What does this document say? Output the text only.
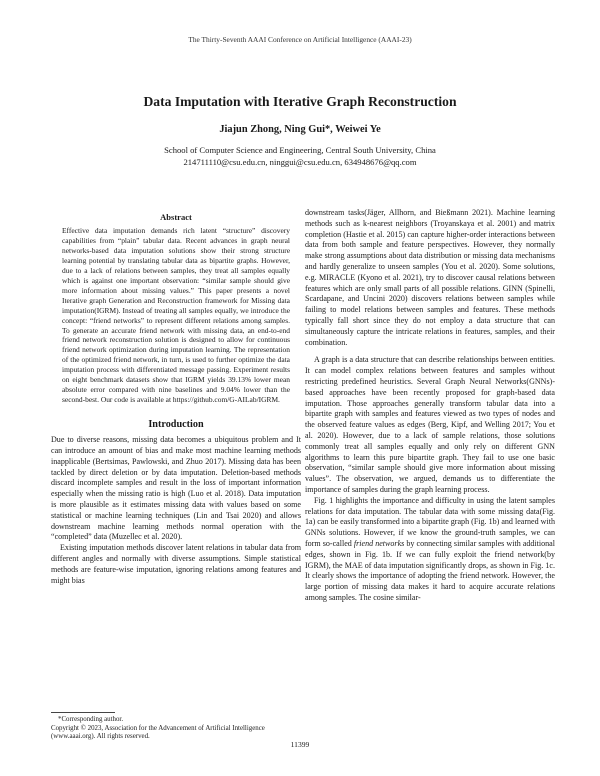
The Thirty-Seventh AAAI Conference on Artificial Intelligence (AAAI-23)
Data Imputation with Iterative Graph Reconstruction
Jiajun Zhong, Ning Gui*, Weiwei Ye
School of Computer Science and Engineering, Central South University, China
214711110@csu.edu.cn, ninggui@csu.edu.cn, 634948676@qq.com
Abstract

Effective data imputation demands rich latent “structure” discovery capabilities from “plain” tabular data. Recent advances in graph neural networks-based data imputation solutions show their strong structure learning potential by translating tabular data as bipartite graphs. However, due to a lack of relations between samples, they treat all samples equally which is against one important observation: “similar sample should give more information about missing values.” This paper presents a novel Iterative graph Generation and Reconstruction framework for Missing data imputation(IGRM). Instead of treating all samples equally, we introduce the concept: “friend networks” to represent different relations among samples. To generate an accurate friend network with missing data, an end-to-end friend network reconstruction solution is designed to allow for continuous friend network optimization during imputation learning. The representation of the optimized friend network, in turn, is used to further optimize the data imputation process with differentiated message passing. Experiment results on eight benchmark datasets show that IGRM yields 39.13% lower mean absolute error compared with nine baselines and 9.04% lower than the second-best. Our code is available at https://github.com/G-AILab/IGRM.

Introduction

Due to diverse reasons, missing data becomes a ubiquitous problem and It can introduce an amount of bias and make most machine learning methods inapplicable (Bertsimas, Pawlowski, and Zhuo 2017). Missing data has been tackled by direct deletion or by data imputation. Deletion-based methods discard incomplete samples and result in the loss of important information especially when the missing ratio is high (Luo et al. 2018). Data imputation is more plausible as it estimates missing data with values based on some statistical or machine learning techniques (Lin and Tsai 2020) and allows downstream machine learning methods normal operation with the “completed” data (Muzellec et al. 2020).

Existing imputation methods discover latent relations in tabular data from different angles and normally with diverse assumptions. Simple statistical methods are feature-wise imputation, ignoring relations among features and might bias

downstream tasks(Jäger, Allhorn, and Bießmann 2021). Machine learning methods such as k-nearest neighbors (Troyanskaya et al. 2001) and matrix completion (Hastie et al. 2015) can capture higher-order interactions between data from both sample and feature perspectives. However, they normally make strong assumptions about data distribution or missing data mechanisms and hardly generalize to unseen samples (You et al. 2020). Some solutions, e.g. MIRACLE (Kyono et al. 2021), try to discover causal relations between features which are only small parts of all possible relations. GINN (Spinelli, Scardapane, and Uncini 2020) discovers relations between samples while failing to model relations between samples and features. These methods typically fall short since they do not employ a data structure that can simultaneously capture the intricate relations in features, samples, and their combination.

A graph is a data structure that can describe relationships between entities. It can model complex relations between features and samples without restricting predefined heuristics. Several Graph Neural Networks(GNNs)-based approaches have been recently proposed for graph-based data imputation. Those approaches generally transform tabular data into a bipartite graph with samples and features viewed as two types of nodes and the observed feature values as edges (Berg, Kipf, and Welling 2017; You et al. 2020). However, due to a lack of sample relations, those solutions commonly treat all samples equally and only rely on different GNN algorithms to learn this pure bipartite graph. They fail to use one basic observation, “similar sample should give more information about missing values”. The observation, we argued, demands us to differentiate the importance of samples during the graph learning process.

Fig. 1 highlights the importance and difficulty in using the latent samples relations for data imputation. The tabular data with some missing data(Fig. 1a) can be easily transformed into a bipartite graph (Fig. 1b) and learned with GNNs solutions. However, if we know the ground-truth samples, we can form so-called friend networks by connecting similar samples with additional edges, shown in Fig. 1b. If we can fully exploit the friend network(by IGRM), the MAE of data imputation significantly drops, as shown in Fig. 1c. It clearly shows the importance of adopting the friend network. However, the large portion of missing data makes it hard to acquire accurate relations among samples. The cosine similar-

*Corresponding author.

Copyright © 2023, Association for the Advancement of Artificial Intelligence (www.aaai.org). All rights reserved.

11399
